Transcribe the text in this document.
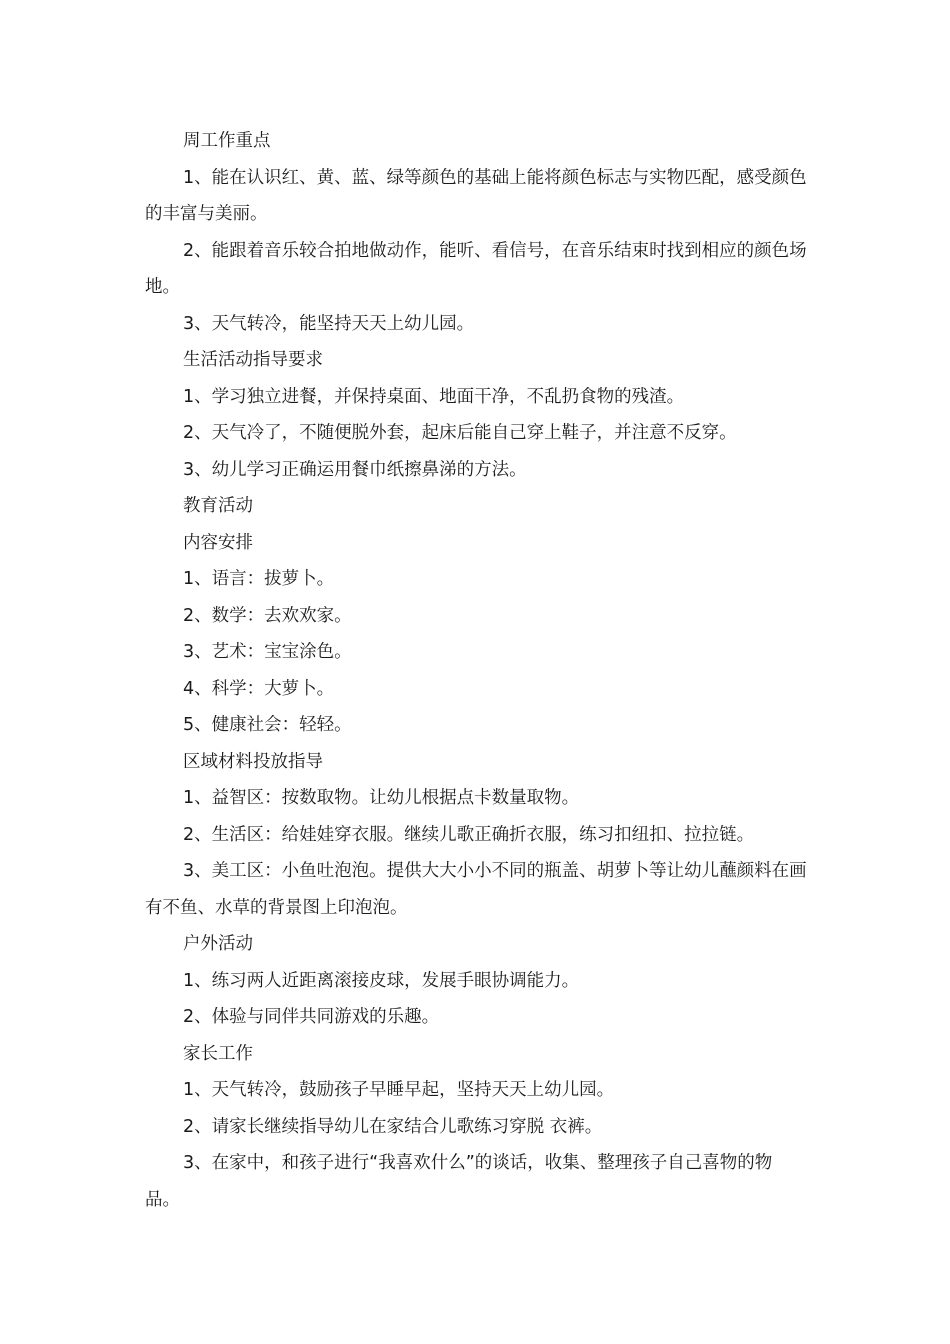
周工作重点

1、能在认识红、黄、蓝、绿等颜色的基础上能将颜色标志与实物匹配，感受颜色的丰富与美丽。

2、能跟着音乐较合拍地做动作，能听、看信号，在音乐结束时找到相应的颜色场地。

3、天气转冷，能坚持天天上幼儿园。

生活活动指导要求

1、学习独立进餐，并保持桌面、地面干净，不乱扔食物的残渣。

2、天气冷了，不随便脱外套，起床后能自己穿上鞋子，并注意不反穿。

3、幼儿学习正确运用餐巾纸擦鼻涕的方法。

教育活动

内容安排

1、语言：拔萝卜。

2、数学：去欢欢家。

3、艺术：宝宝涂色。

4、科学：大萝卜。

5、健康社会：轻轻。

区域材料投放指导

1、益智区：按数取物。让幼儿根据点卡数量取物。

2、生活区：给娃娃穿衣服。继续儿歌正确折衣服，练习扣纽扣、拉拉链。

3、美工区：小鱼吐泡泡。提供大大小小不同的瓶盖、胡萝卜等让幼儿蘸颜料在画有不鱼、水草的背景图上印泡泡。

户外活动

1、练习两人近距离滚接皮球，发展手眼协调能力。

2、体验与同伴共同游戏的乐趣。

家长工作

1、天气转冷，鼓励孩子早睡早起，坚持天天上幼儿园。

2、请家长继续指导幼儿在家结合儿歌练习穿脱 衣裤。

3、在家中，和孩子进行“我喜欢什么”的谈话，收集、整理孩子自己喜物的物品。
